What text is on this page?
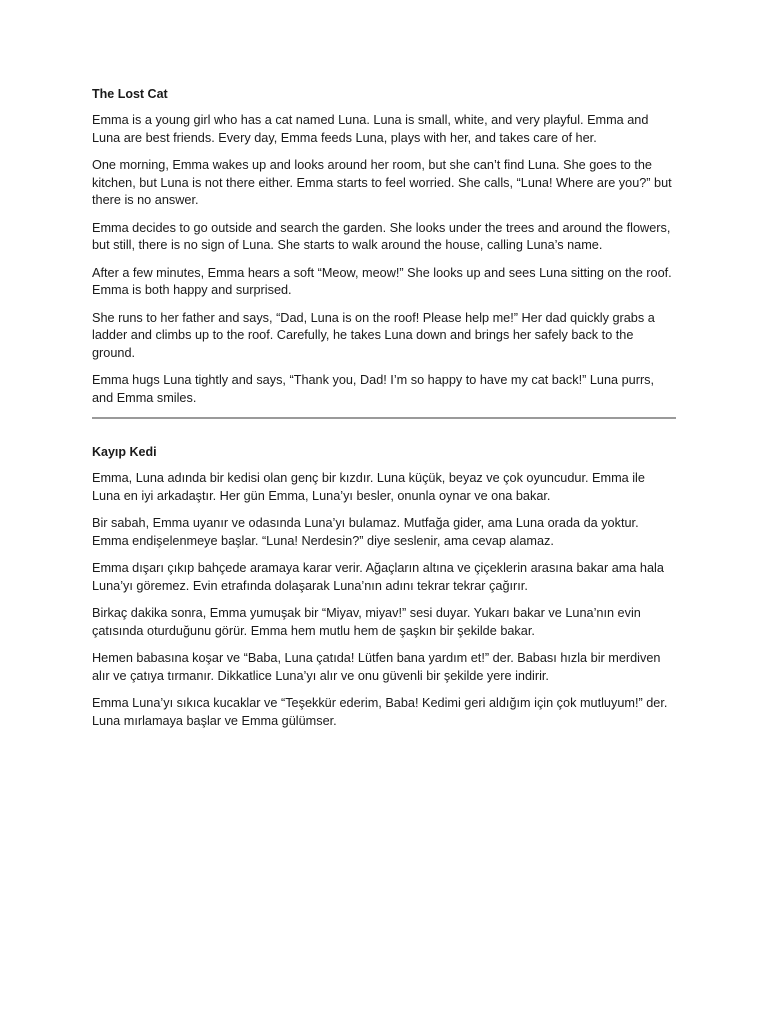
The Lost Cat

Emma is a young girl who has a cat named Luna. Luna is small, white, and very playful. Emma and Luna are best friends. Every day, Emma feeds Luna, plays with her, and takes care of her.

One morning, Emma wakes up and looks around her room, but she can’t find Luna. She goes to the kitchen, but Luna is not there either. Emma starts to feel worried. She calls, “Luna! Where are you?” but there is no answer.

Emma decides to go outside and search the garden. She looks under the trees and around the flowers, but still, there is no sign of Luna. She starts to walk around the house, calling Luna’s name.

After a few minutes, Emma hears a soft “Meow, meow!” She looks up and sees Luna sitting on the roof. Emma is both happy and surprised.

She runs to her father and says, “Dad, Luna is on the roof! Please help me!” Her dad quickly grabs a ladder and climbs up to the roof. Carefully, he takes Luna down and brings her safely back to the ground.

Emma hugs Luna tightly and says, “Thank you, Dad! I’m so happy to have my cat back!” Luna purrs, and Emma smiles.

Kayıp Kedi

Emma, Luna adında bir kedisi olan genç bir kızdır. Luna küçük, beyaz ve çok oyuncudur. Emma ile Luna en iyi arkadaştır. Her gün Emma, Luna’yı besler, onunla oynar ve ona bakar.

Bir sabah, Emma uyanır ve odasında Luna’yı bulamaz. Mutfağa gider, ama Luna orada da yoktur. Emma endişelenmeye başlar. “Luna! Nerdesin?” diye seslenir, ama cevap alamaz.

Emma dışarı çıkıp bahçede aramaya karar verir. Ağaçların altına ve çiçeklerin arasına bakar ama hala Luna’yı göremez. Evin etrafında dolaşarak Luna’nın adını tekrar tekrar çağırır.

Birkaç dakika sonra, Emma yumuşak bir “Miyav, miyav!” sesi duyar. Yukarı bakar ve Luna’nın evin çatısında oturduğunu görür. Emma hem mutlu hem de şaşkın bir şekilde bakar.

Hemen babasına koşar ve “Baba, Luna çatıda! Lütfen bana yardım et!” der. Babası hızla bir merdiven alır ve çatıya tırmanır. Dikkatlice Luna’yı alır ve onu güvenli bir şekilde yere indirir.

Emma Luna’yı sıkıca kucaklar ve “Teşekkür ederim, Baba! Kedimi geri aldığım için çok mutluyum!” der. Luna mırlamaya başlar ve Emma gülümser.
